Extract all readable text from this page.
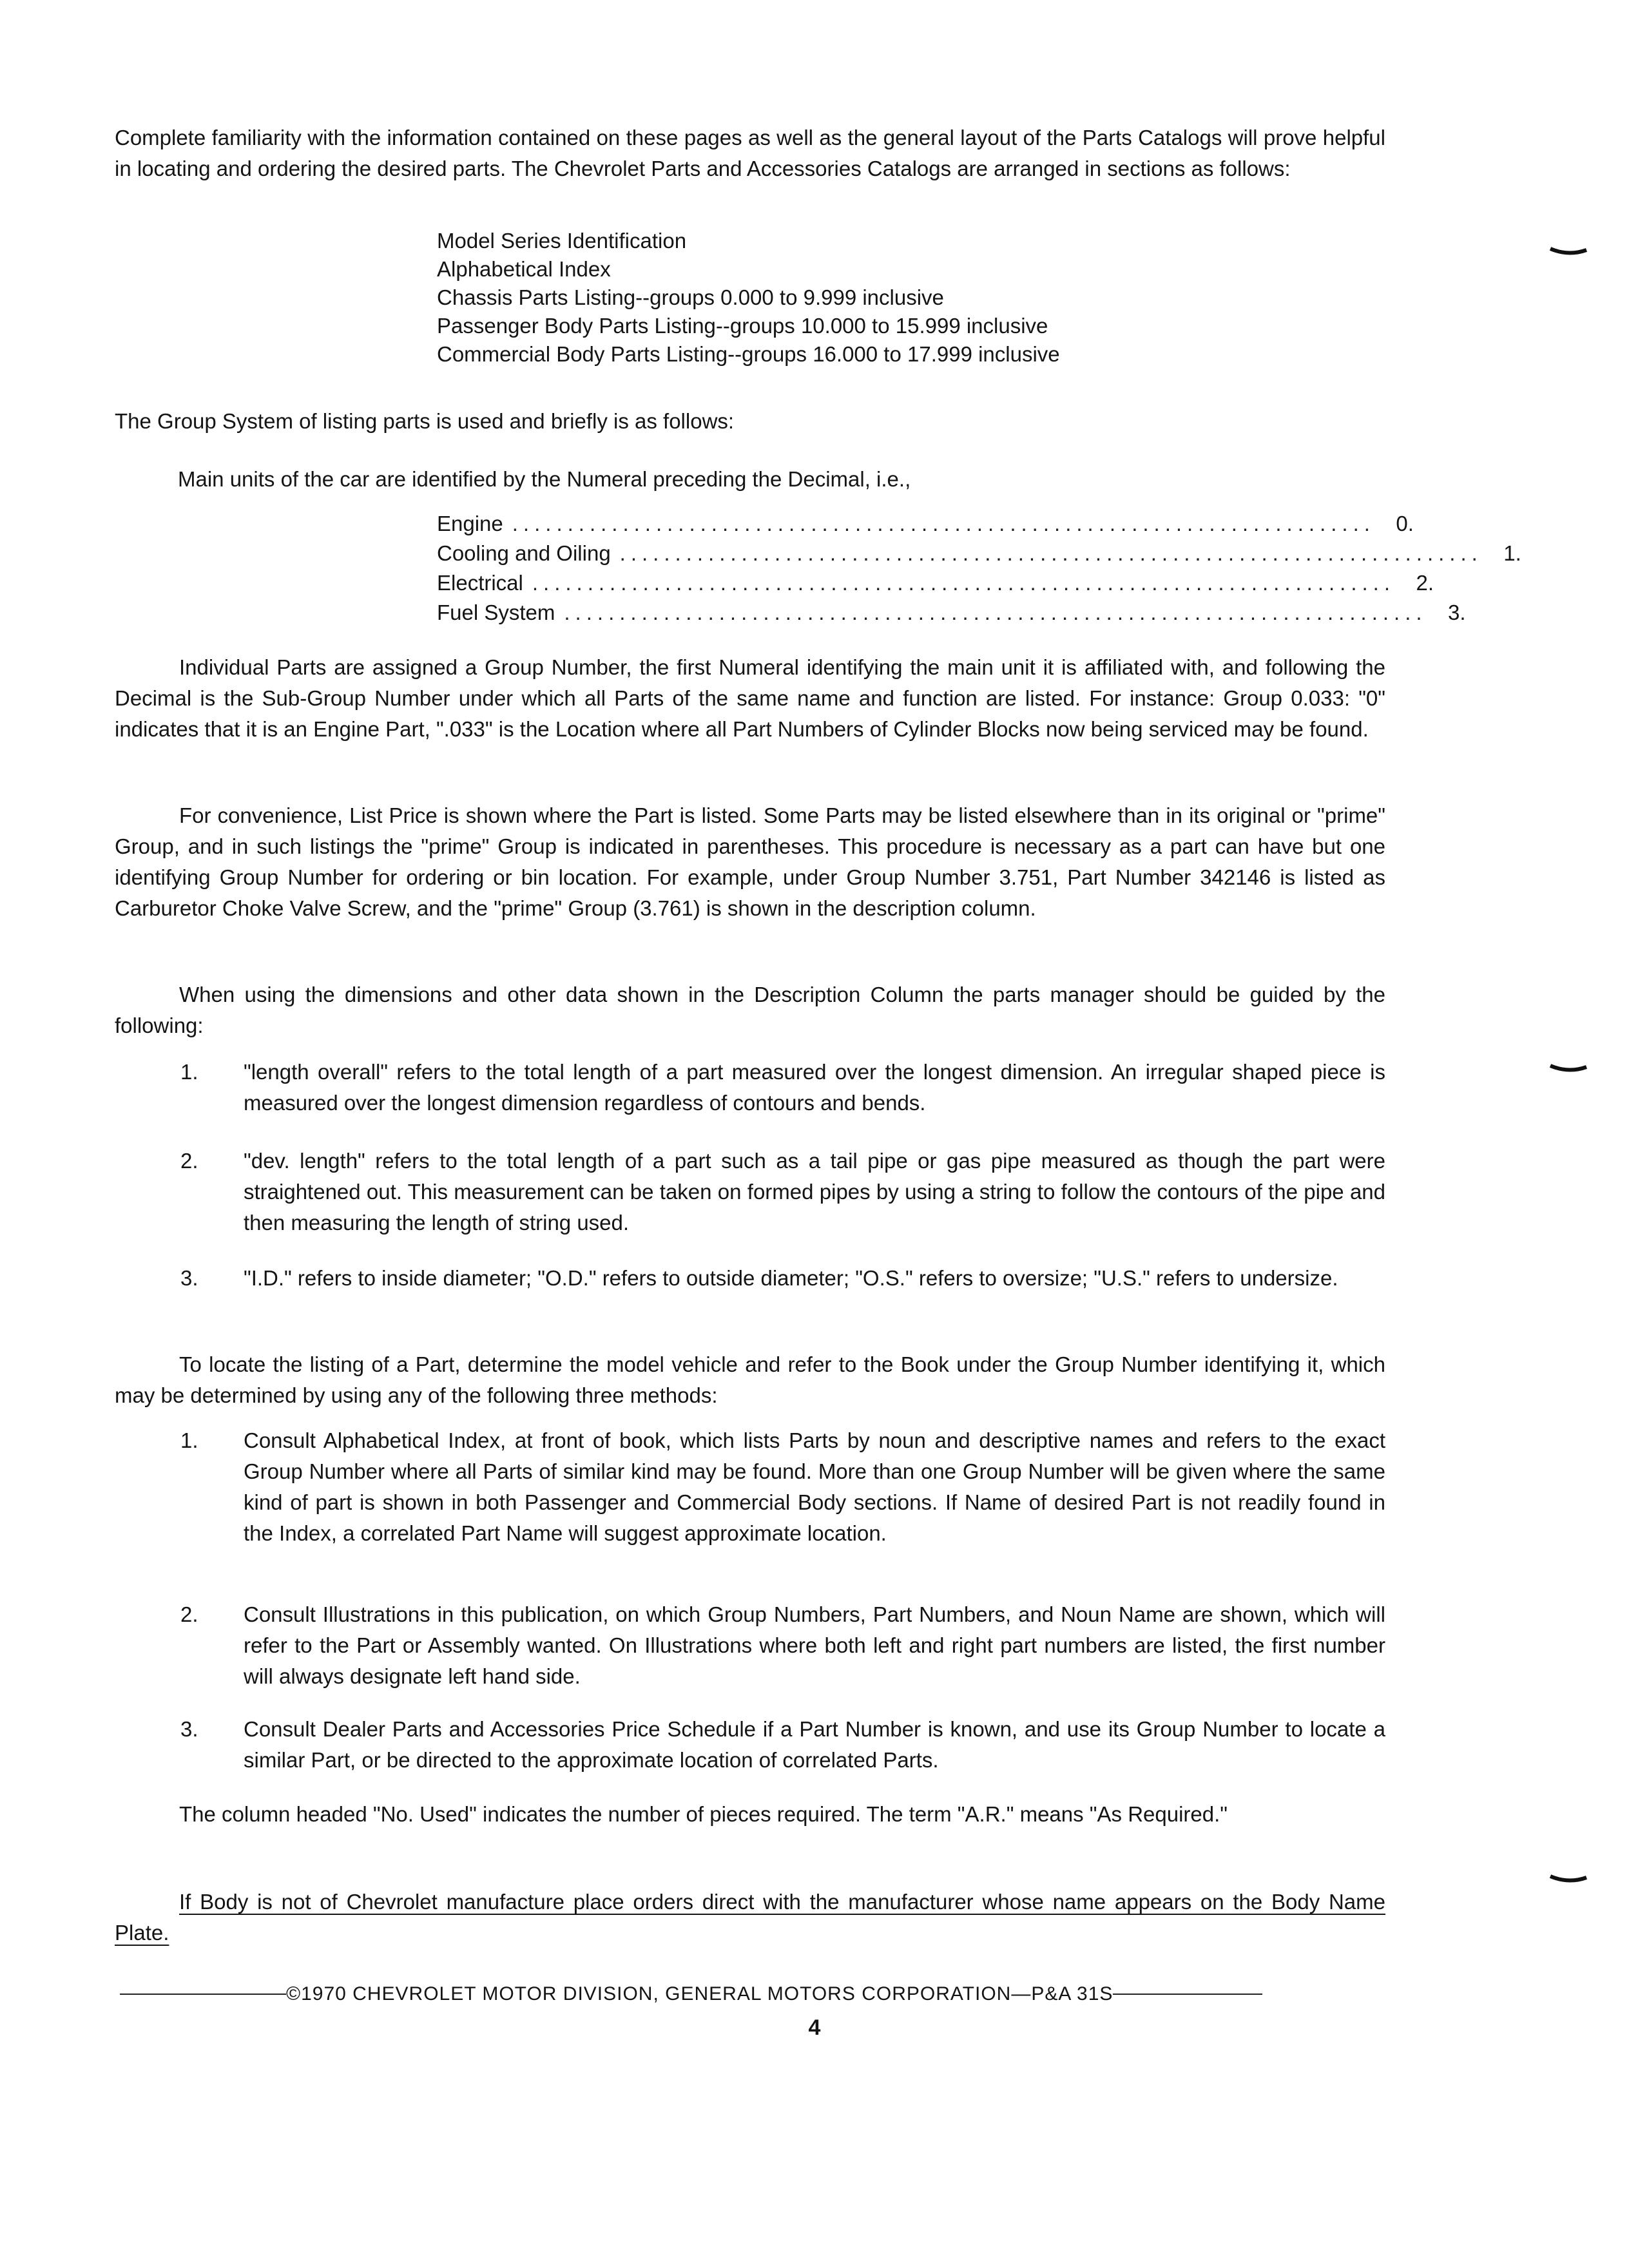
Complete familiarity with the information contained on these pages as well as the general layout of the Parts Catalogs will prove helpful in locating and ordering the desired parts. The Chevrolet Parts and Accessories Catalogs are arranged in sections as follows:

Model Series Identification
Alphabetical Index
Chassis Parts Listing--groups 0.000 to 9.999 inclusive
Passenger Body Parts Listing--groups 10.000 to 15.999 inclusive
Commercial Body Parts Listing--groups 16.000 to 17.999 inclusive

The Group System of listing parts is used and briefly is as follows:

Main units of the car are identified by the Numeral preceding the Decimal, i.e.,

Engine .............................................................................. 0.
Cooling and Oiling .............................................................................. 1.
Electrical .............................................................................. 2.
Fuel System .............................................................................. 3.

Individual Parts are assigned a Group Number, the first Numeral identifying the main unit it is affiliated with, and following the Decimal is the Sub-Group Number under which all Parts of the same name and function are listed. For instance: Group 0.033: "0" indicates that it is an Engine Part, ".033" is the Location where all Part Numbers of Cylinder Blocks now being serviced may be found.

For convenience, List Price is shown where the Part is listed. Some Parts may be listed elsewhere than in its original or "prime" Group, and in such listings the "prime" Group is indicated in parentheses. This procedure is necessary as a part can have but one identifying Group Number for ordering or bin location. For example, under Group Number 3.751, Part Number 342146 is listed as Carburetor Choke Valve Screw, and the "prime" Group (3.761) is shown in the description column.

When using the dimensions and other data shown in the Description Column the parts manager should be guided by the following:

1. "length overall" refers to the total length of a part measured over the longest dimension. An irregular shaped piece is measured over the longest dimension regardless of contours and bends.
2. "dev. length" refers to the total length of a part such as a tail pipe or gas pipe measured as though the part were straightened out. This measurement can be taken on formed pipes by using a string to follow the contours of the pipe and then measuring the length of string used.
3. "I.D." refers to inside diameter; "O.D." refers to outside diameter; "O.S." refers to oversize; "U.S." refers to undersize.

To locate the listing of a Part, determine the model vehicle and refer to the Book under the Group Number identifying it, which may be determined by using any of the following three methods:

1. Consult Alphabetical Index, at front of book, which lists Parts by noun and descriptive names and refers to the exact Group Number where all Parts of similar kind may be found. More than one Group Number will be given where the same kind of part is shown in both Passenger and Commercial Body sections. If Name of desired Part is not readily found in the Index, a correlated Part Name will suggest approximate location.
2. Consult Illustrations in this publication, on which Group Numbers, Part Numbers, and Noun Name are shown, which will refer to the Part or Assembly wanted. On Illustrations where both left and right part numbers are listed, the first number will always designate left hand side.
3. Consult Dealer Parts and Accessories Price Schedule if a Part Number is known, and use its Group Number to locate a similar Part, or be directed to the approximate location of correlated Parts.

The column headed "No. Used" indicates the number of pieces required. The term "A.R." means "As Required."

If Body is not of Chevrolet manufacture place orders direct with the manufacturer whose name appears on the Body Name Plate.

©1970 CHEVROLET MOTOR DIVISION, GENERAL MOTORS CORPORATION—P&A 31S
4
